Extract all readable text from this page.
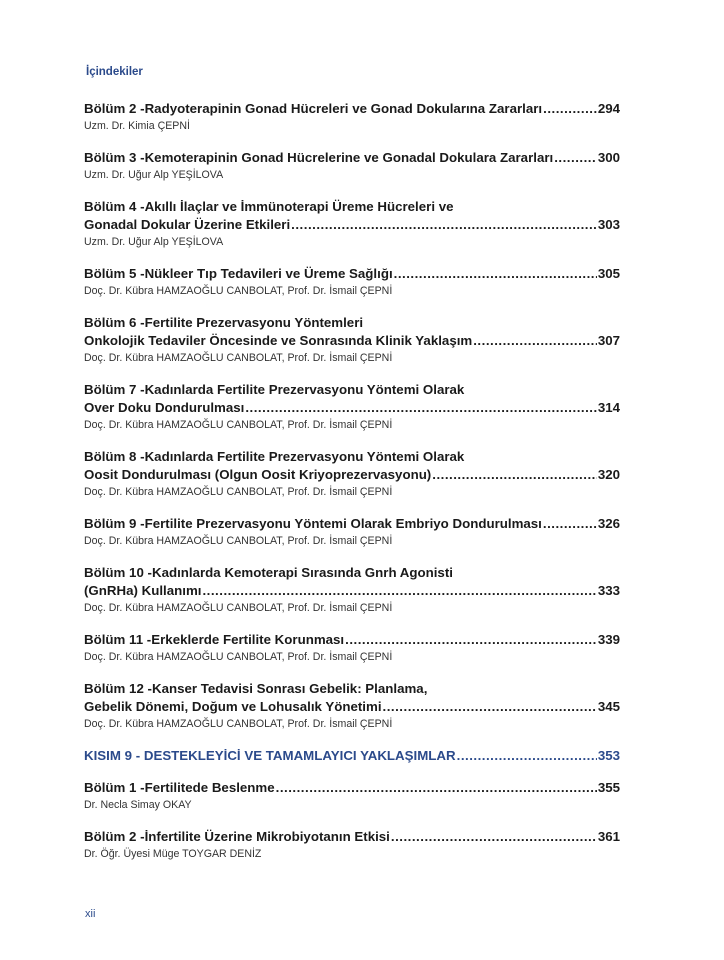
İçindekiler
Bölüm 2 - Radyoterapinin Gonad Hücreleri ve Gonad Dokularına Zararları .....	294
Uzm. Dr. Kimia ÇEPNİ
Bölüm 3 - Kemoterapinin Gonad Hücrelerine ve Gonadal Dokulara Zararları .....	300
Uzm. Dr. Uğur Alp YEŞİLOVA
Bölüm 4 - Akıllı İlaçlar ve İmmünoterapi Üreme Hücreleri ve
Gonadal Dokular Üzerine Etkileri .....	303
Uzm. Dr. Uğur Alp YEŞİLOVA
Bölüm 5 - Nükleer Tıp Tedavileri ve Üreme Sağlığı .....	305
Doç. Dr. Kübra HAMZAOĞLU CANBOLAT, Prof. Dr. İsmail ÇEPNİ
Bölüm 6 - Fertilite Prezervasyonu Yöntemleri
Onkolojik Tedaviler Öncesinde ve Sonrasında Klinik Yaklaşım .....	307
Doç. Dr. Kübra HAMZAOĞLU CANBOLAT, Prof. Dr. İsmail ÇEPNİ
Bölüm 7 - Kadınlarda Fertilite Prezervasyonu Yöntemi Olarak
Over Doku Dondurulması .....	314
Doç. Dr. Kübra HAMZAOĞLU CANBOLAT, Prof. Dr. İsmail ÇEPNİ
Bölüm 8 - Kadınlarda Fertilite Prezervasyonu Yöntemi Olarak
Oosit Dondurulması (Olgun Oosit Kriyoprezervasyonu) .....	320
Doç. Dr. Kübra HAMZAOĞLU CANBOLAT, Prof. Dr. İsmail ÇEPNİ
Bölüm 9 - Fertilite Prezervasyonu Yöntemi Olarak Embriyo Dondurulması .....	326
Doç. Dr. Kübra HAMZAOĞLU CANBOLAT, Prof. Dr. İsmail ÇEPNİ
Bölüm 10 - Kadınlarda Kemoterapi Sırasında Gnrh Agonisti
(GnRHa) Kullanımı .....	333
Doç. Dr. Kübra HAMZAOĞLU CANBOLAT, Prof. Dr. İsmail ÇEPNİ
Bölüm 11 - Erkeklerde Fertilite Korunması .....	339
Doç. Dr. Kübra HAMZAOĞLU CANBOLAT, Prof. Dr. İsmail ÇEPNİ
Bölüm 12 - Kanser Tedavisi Sonrası Gebelik: Planlama,
Gebelik Dönemi, Doğum ve Lohusalık Yönetimi .....	345
Doç. Dr. Kübra HAMZAOĞLU CANBOLAT, Prof. Dr. İsmail ÇEPNİ
KISIM 9 - DESTEKLEYİCİ VE TAMAMLAYICI YAKLAŞIMLAR .....	353
Bölüm 1 - Fertilitede Beslenme .....	355
Dr. Necla Simay OKAY
Bölüm 2 - İnfertilite Üzerine Mikrobiyotanın Etkisi .....	361
Dr. Öğr. Üyesi Müge TOYGAR DENİZ
xii
